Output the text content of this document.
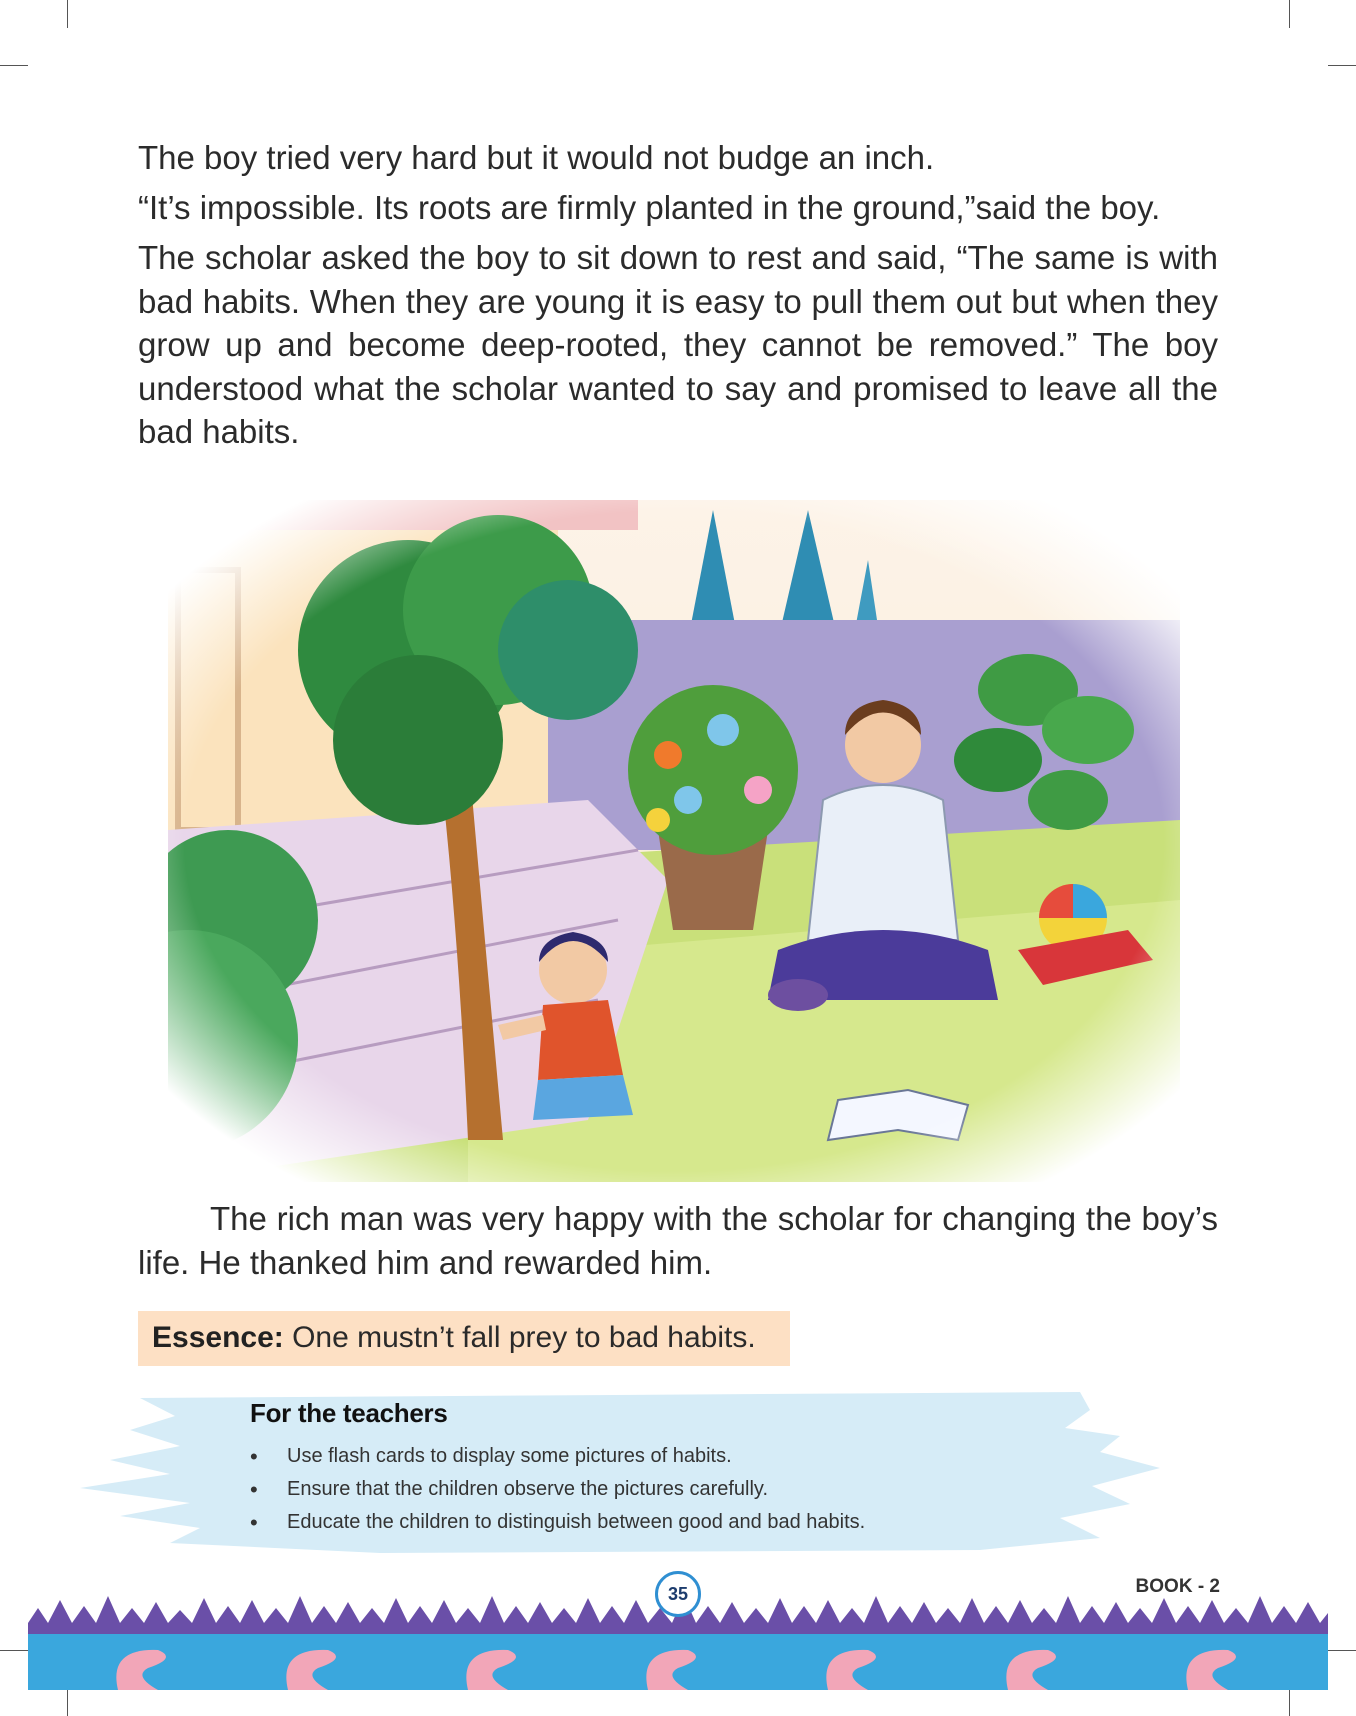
The boy tried very hard but it would not budge an inch.

“It’s impossible. Its roots are firmly planted in the ground,”said the boy.

The scholar asked the boy to sit down to rest and said, “The same is with bad habits. When they are young it is easy to pull them out but when they grow up and become deep-rooted, they cannot be removed.” The boy understood what the scholar wanted to say and promised to leave all the bad habits.

The rich man was very happy with the scholar for changing the boy’s life. He thanked him and rewarded him.

Essence: One mustn’t fall prey to bad habits.

For the teachers

• Use flash cards to display some pictures of habits.
• Ensure that the children observe the pictures carefully.
• Educate the children to distinguish between good and bad habits.
35	BOOK - 2
